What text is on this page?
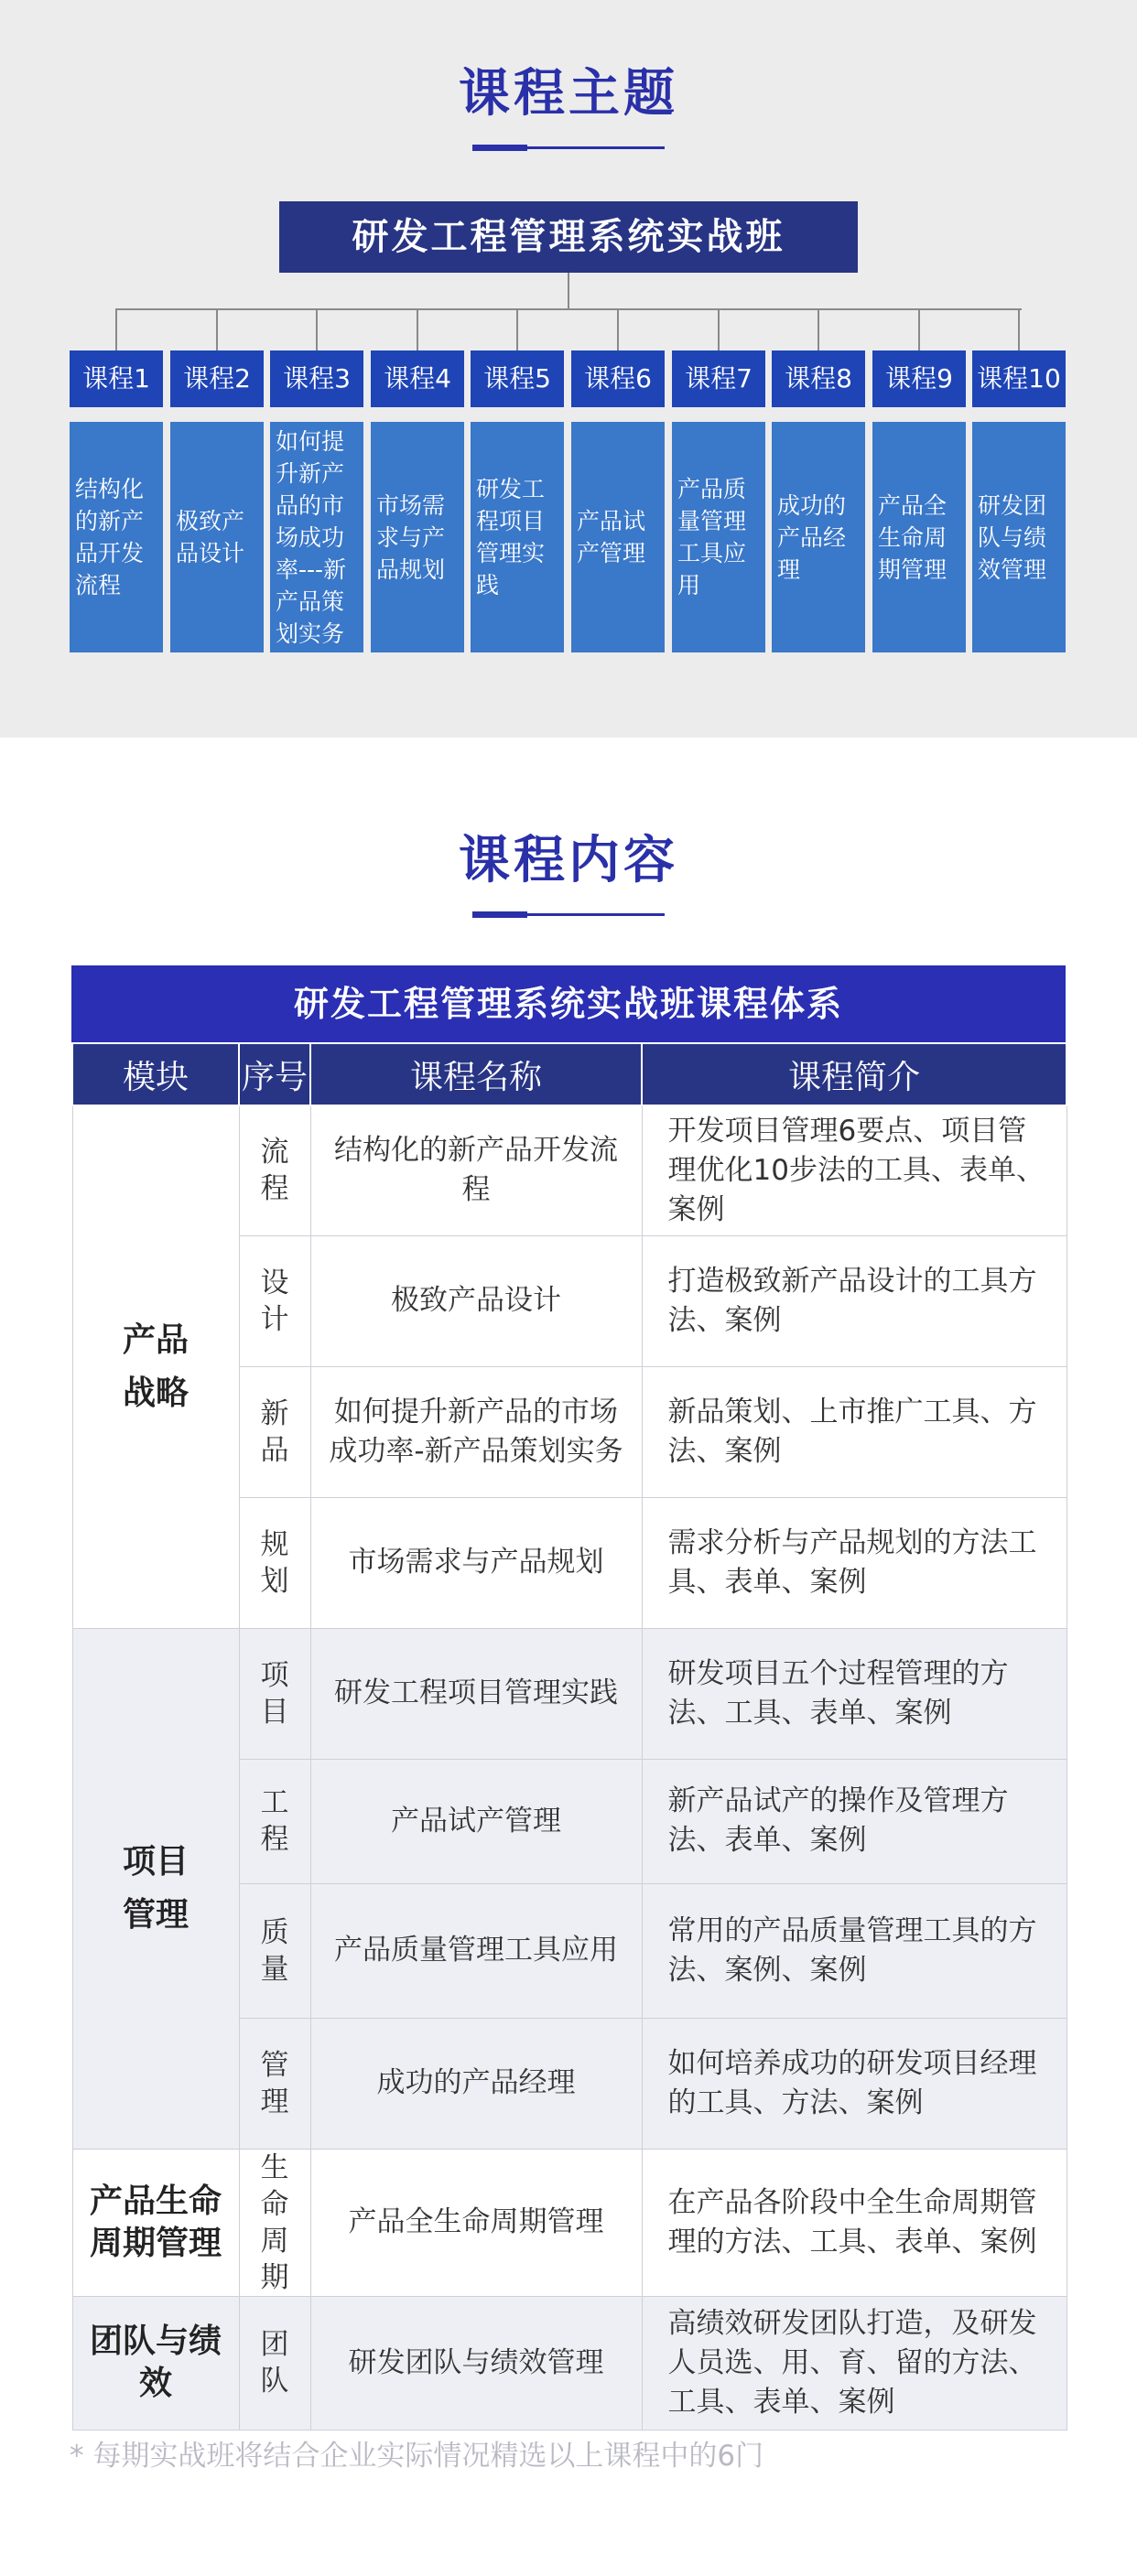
课程主题
研发工程管理系统实战班
课程1
结构化的新产品开发流程
课程2
极致产品设计
课程3
如何提升新产品的市场成功率---新产品策划实务
课程4
市场需求与产品规划
课程5
研发工程项目管理实践
课程6
产品试产管理
课程7
产品质量管理工具应用
课程8
成功的产品经理
课程9
产品全生命周期管理
课程10
研发团队与绩效管理
课程内容
研发工程管理系统实战班课程体系
模块	序号	课程名称	课程简介

产品战略	流程	结构化的新产品开发流程	开发项目管理6要点、项目管理优化10步法的工具、表单、案例

	设计	极致产品设计	打造极致新产品设计的工具方法、案例

	新品	如何提升新产品的市场成功率-新产品策划实务	新品策划、上市推广工具、方法、案例

	规划	市场需求与产品规划	需求分析与产品规划的方法工具、表单、案例

项目管理	项目	研发工程项目管理实践	研发项目五个过程管理的方法、工具、表单、案例

	工程	产品试产管理	新产品试产的操作及管理方法、表单、案例

	质量	产品质量管理工具应用	常用的产品质量管理工具的方法、案例、案例

	管理	成功的产品经理	如何培养成功的研发项目经理的工具、方法、案例

产品生命周期管理	生命周期	产品全生命周期管理	在产品各阶段中全生命周期管理的方法、工具、表单、案例

团队与绩效	团队	研发团队与绩效管理	高绩效研发团队打造，及研发人员选、用、育、留的方法、工具、表单、案例
* 每期实战班将结合企业实际情况精选以上课程中的6门
